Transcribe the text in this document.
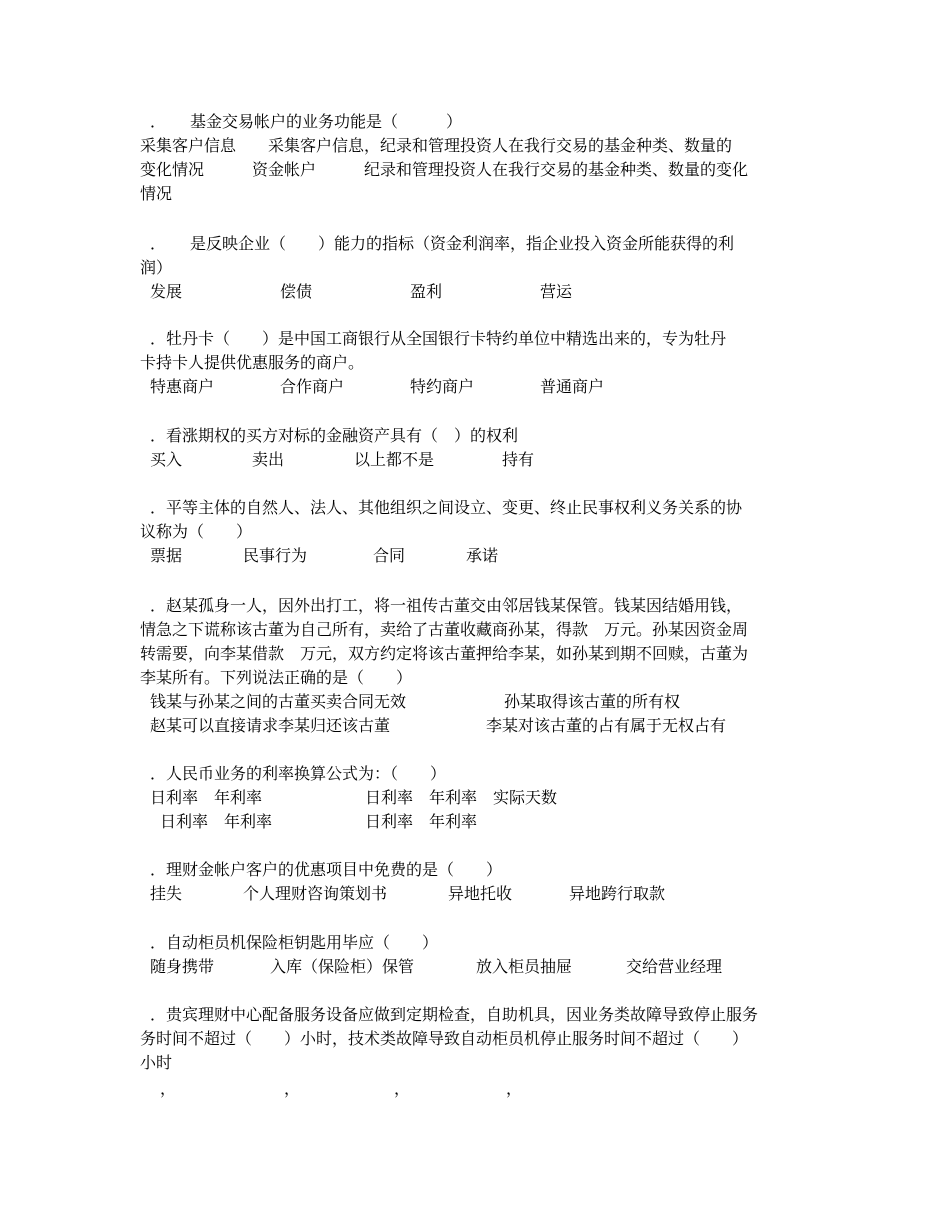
．　　基金交易帐户的业务功能是（　　　）
采集客户信息　　采集客户信息，纪录和管理投资人在我行交易的基金种类、数量的
变化情况　　　资金帐户　　　纪录和管理投资人在我行交易的基金种类、数量的变化
情况
．　　是反映企业（　　）能力的指标（资金利润率，指企业投入资金所能获得的利
润）
发展	偿债	盈利	营运
．牡丹卡（　　）是中国工商银行从全国银行卡特约单位中精选出来的，专为牡丹
卡持卡人提供优惠服务的商户。
特惠商户	合作商户	特约商户	普通商户
．看涨期权的买方对标的金融资产具有（　）的权利
买入	卖出	以上都不是	持有
．平等主体的自然人、法人、其他组织之间设立、变更、终止民事权利义务关系的协
议称为（　　）
票据	民事行为	合同	承诺
．赵某孤身一人，因外出打工，将一祖传古董交由邻居钱某保管。钱某因结婚用钱，
情急之下谎称该古董为自己所有，卖给了古董收藏商孙某，得款　万元。孙某因资金周
转需要，向李某借款　万元，双方约定将该古董押给李某，如孙某到期不回赎，古董为
李某所有。下列说法正确的是（　　）
钱某与孙某之间的古董买卖合同无效	孙某取得该古董的所有权
赵某可以直接请求李某归还该古董	李某对该古董的占有属于无权占有
．人民币业务的利率换算公式为：（　　）
日利率　年利率	日利率　年利率　实际天数
日利率　年利率	日利率　年利率
．理财金帐户客户的优惠项目中免费的是（　　）
挂失	个人理财咨询策划书	异地托收	异地跨行取款
．自动柜员机保险柜钥匙用毕应（　　）
随身携带	入库（保险柜）保管	放入柜员抽屉	交给营业经理
．贵宾理财中心配备服务设备应做到定期检查，自助机具，因业务类故障导致停止服务
务时间不超过（　　）小时，技术类故障导致自动柜员机停止服务时间不超过（　　）
小时
，	，	，	，
